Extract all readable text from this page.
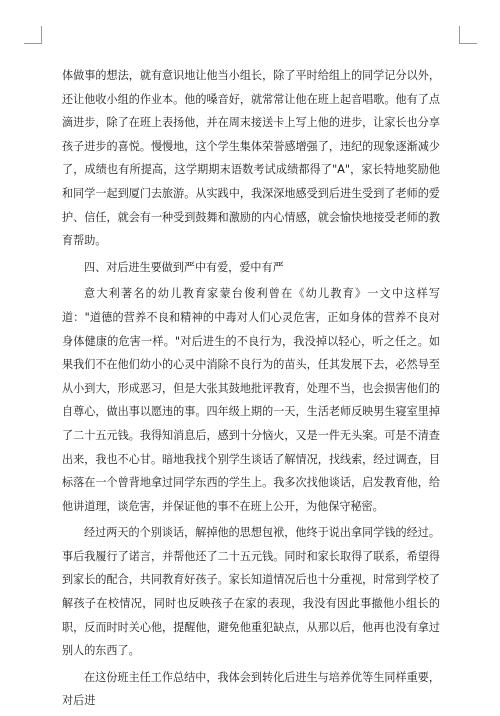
体做事的想法，就有意识地让他当小组长，除了平时给组上的同学记分以外，还让他收小组的作业本。他的嗓音好，就常常让他在班上起音唱歌。他有了点滴进步，除了在班上表扬他，并在周末接送卡上写上他的进步，让家长也分享孩子进步的喜悦。慢慢地，这个学生集体荣誉感增强了，违纪的现象逐渐减少了，成绩也有所提高，这学期期末语数考试成绩都得了"A"，家长特地奖励他和同学一起到厦门去旅游。从实践中，我深深地感受到后进生受到了老师的爱护、信任，就会有一种受到鼓舞和激励的内心情感，就会愉快地接受老师的教育帮助。

四、对后进生要做到严中有爱，爱中有严

意大利著名的幼儿教育家蒙台俊利曾在《幼儿教育》一文中这样写道："道德的营养不良和精神的中毒对人们心灵危害，正如身体的营养不良对身体健康的危害一样。"对后进生的不良行为，我没掉以轻心，听之任之。如果我们不在他们幼小的心灵中消除不良行为的苗头，任其发展下去，必然导至从小到大，形成恶习，但是大张其鼓地批评教育，处理不当，也会损害他们的自尊心，做出事以愿违的事。四年级上期的一天，生活老师反映男生寝室里掉了二十五元钱。我得知消息后，感到十分恼火，又是一件无头案。可是不清查出来，我也不心甘。暗地我找个别学生谈话了解情况，找线索，经过调查，目标落在一个曾背地拿过同学东西的学生上。我多次找他谈话，启发教育他，给他讲道理，谈危害，并保证他的事不在班上公开，为他保守秘密。

经过两天的个别谈话，解掉他的思想包袱，他终于说出拿同学钱的经过。事后我履行了诺言，并帮他还了二十五元钱。同时和家长取得了联系，希望得到家长的配合，共同教育好孩子。家长知道情况后也十分重视，时常到学校了解孩子在校情况，同时也反映孩子在家的表现，我没有因此事撤他小组长的职，反而时时关心他，提醒他，避免他重犯缺点，从那以后，他再也没有拿过别人的东西了。

在这份班主任工作总结中，我体会到转化后进生与培养优等生同样重要，对后进
